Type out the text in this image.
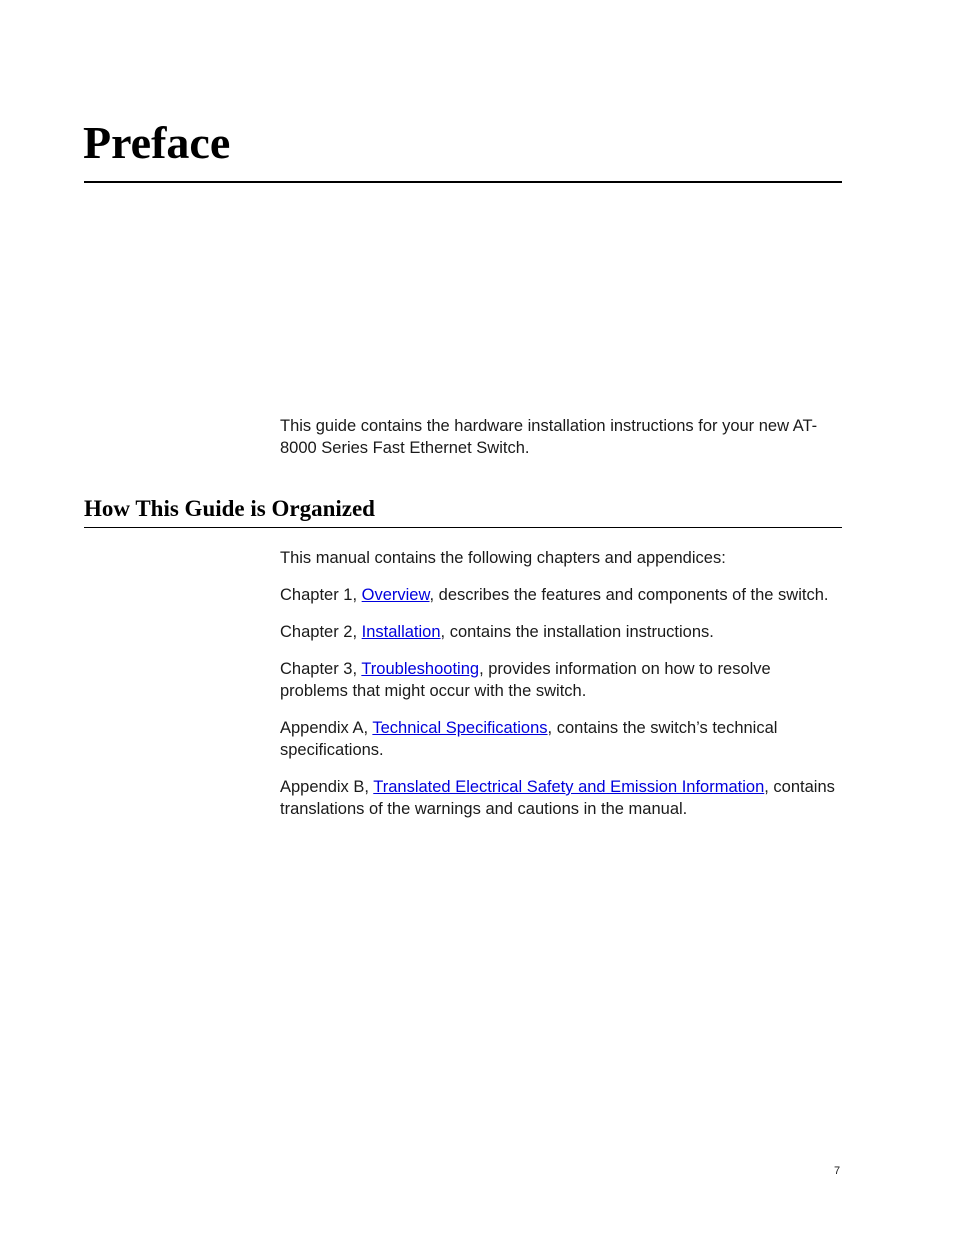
Preface

This guide contains the hardware installation instructions for your new AT-8000 Series Fast Ethernet Switch.

How This Guide is Organized

This manual contains the following chapters and appendices:

Chapter 1, Overview, describes the features and components of the switch.

Chapter 2, Installation, contains the installation instructions.

Chapter 3, Troubleshooting, provides information on how to resolve problems that might occur with the switch.

Appendix A, Technical Specifications, contains the switch’s technical specifications.

Appendix B, Translated Electrical Safety and Emission Information, contains translations of the warnings and cautions in the manual.

7
